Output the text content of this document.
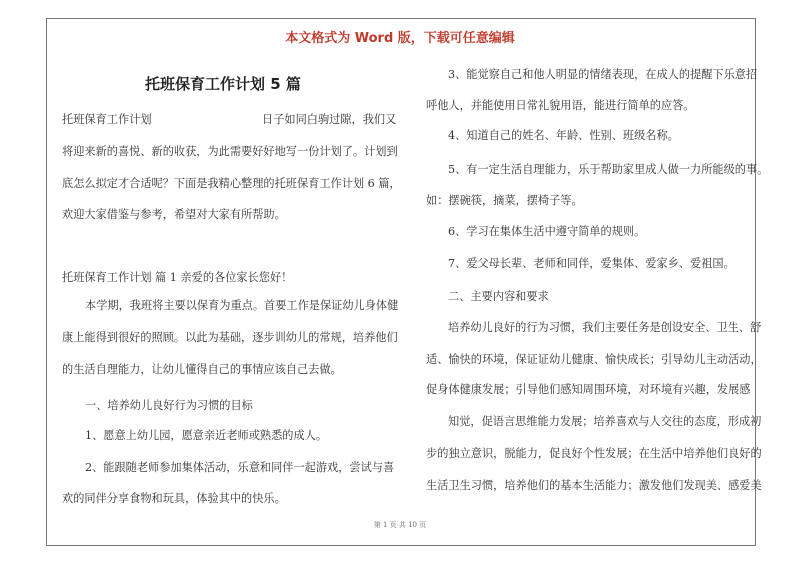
本文格式为 Word 版，下载可任意编辑
托班保育工作计划 5 篇
托班保育工作计划	日子如同白驹过隙，我们又
将迎来新的喜悦、新的收获，为此需要好好地写一份计划了。计划到
底怎么拟定才合适呢？下面是我精心整理的托班保育工作计划 6 篇，
欢迎大家借鉴与参考，希望对大家有所帮助。
托班保育工作计划 篇 1 亲爱的各位家长您好！
本学期，我班将主要以保育为重点。首要工作是保证幼儿身体健
康上能得到很好的照顾。以此为基础，逐步训幼儿的常规，培养他们
的生活自理能力，让幼儿懂得自己的事情应该自己去做。
一、培养幼儿良好行为习惯的目标
1、愿意上幼儿园，愿意亲近老师或熟悉的成人。
2、能跟随老师参加集体活动，乐意和同伴一起游戏，尝试与喜
欢的同伴分享食物和玩具，体验其中的快乐。
3、能觉察自己和他人明显的情绪表现，在成人的提醒下乐意招
呼他人，并能使用日常礼貌用语，能进行简单的应答。
4、知道自己的姓名、年龄、性别、班级名称。
5、有一定生活自理能力，乐于帮助家里成人做一力所能级的事。
如：摆碗筷，摘菜，摆椅子等。
6、学习在集体生活中遵守简单的规则。
7、爱父母长辈、老师和同伴，爱集体、爱家乡、爱祖国。
二、主要内容和要求
培养幼儿良好的行为习惯，我们主要任务是创设安全、卫生、舒
适、愉快的环境，保证证幼儿健康、愉快成长；引导幼儿主动活动，
促身体健康发展；引导他们感知周围环境，对环境有兴趣，发展感
知觉，促语言思维能力发展；培养喜欢与人交往的态度，形成初
步的独立意识，脱能力，促良好个性发展；在生活中培养他们良好的
生活卫生习惯，培养他们的基本生活能力；激发他们发现美、感爱美
第 1 页 共 10 页
